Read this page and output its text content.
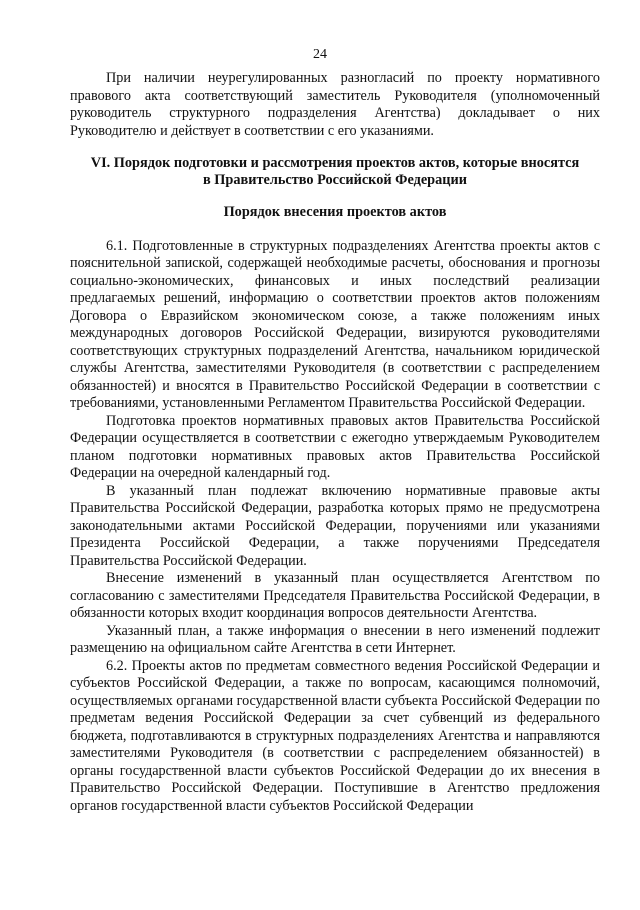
24

При наличии неурегулированных разногласий по проекту нормативного правового акта соответствующий заместитель Руководителя (уполномоченный руководитель структурного подразделения Агентства) докладывает о них Руководителю и действует в соответствии с его указаниями.

VI. Порядок подготовки и рассмотрения проектов актов, которые вносятся
в Правительство Российской Федерации
Порядок внесения проектов актов

6.1. Подготовленные в структурных подразделениях Агентства проекты актов с пояснительной запиской, содержащей необходимые расчеты, обоснования и прогнозы социально-экономических, финансовых и иных последствий реализации предлагаемых решений, информацию о соответствии проектов актов положениям Договора о Евразийском экономическом союзе, а также положениям иных международных договоров Российской Федерации, визируются руководителями соответствующих структурных подразделений Агентства, начальником юридической службы Агентства, заместителями Руководителя (в соответствии с распределением обязанностей) и вносятся в Правительство Российской Федерации в соответствии с требованиями, установленными Регламентом Правительства Российской Федерации.

Подготовка проектов нормативных правовых актов Правительства Российской Федерации осуществляется в соответствии с ежегодно утверждаемым Руководителем планом подготовки нормативных правовых актов Правительства Российской Федерации на очередной календарный год.

В указанный план подлежат включению нормативные правовые акты Правительства Российской Федерации, разработка которых прямо не предусмотрена законодательными актами Российской Федерации, поручениями или указаниями Президента Российской Федерации, а также поручениями Председателя Правительства Российской Федерации.

Внесение изменений в указанный план осуществляется Агентством по согласованию с заместителями Председателя Правительства Российской Федерации, в обязанности которых входит координация вопросов деятельности Агентства.

Указанный план, а также информация о внесении в него изменений подлежит размещению на официальном сайте Агентства в сети Интернет.

6.2. Проекты актов по предметам совместного ведения Российской Федерации и субъектов Российской Федерации, а также по вопросам, касающимся полномочий, осуществляемых органами государственной власти субъекта Российской Федерации по предметам ведения Российской Федерации за счет субвенций из федерального бюджета, подготавливаются в структурных подразделениях Агентства и направляются заместителями Руководителя (в соответствии с распределением обязанностей) в органы государственной власти субъектов Российской Федерации до их внесения в Правительство Российской Федерации. Поступившие в Агентство предложения органов государственной власти субъектов Российской Федерации
